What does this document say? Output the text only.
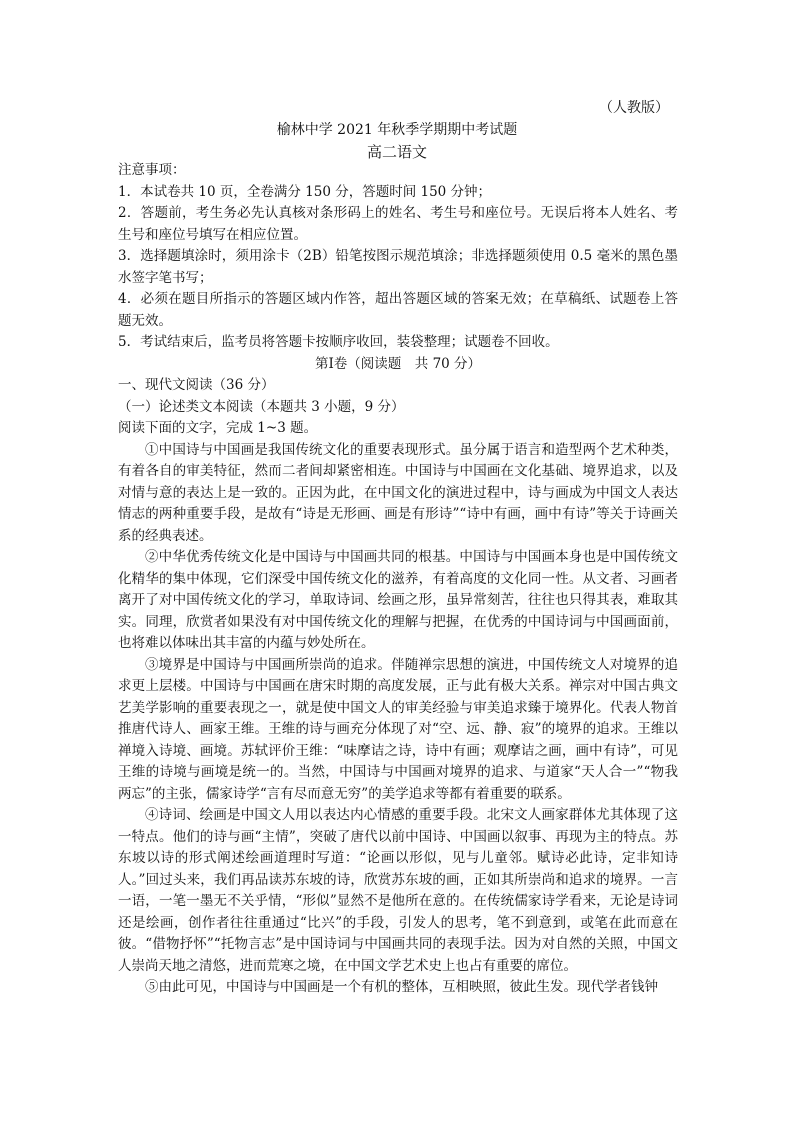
（人教版）
榆林中学 2021 年秋季学期期中考试题
高二语文

注意事项：

1．本试卷共 10 页，全卷满分 150 分，答题时间 150 分钟；

2．答题前，考生务必先认真核对条形码上的姓名、考生号和座位号。无误后将本人姓名、考生号和座位号填写在相应位置。

3．选择题填涂时，须用涂卡（2B）铅笔按图示规范填涂；非选择题须使用 0.5 毫米的黑色墨水签字笔书写；

4．必须在题目所指示的答题区域内作答，超出答题区域的答案无效；在草稿纸、试题卷上答题无效。

5．考试结束后，监考员将答题卡按顺序收回，装袋整理；试题卷不回收。

第Ⅰ卷（阅读题　共 70 分）

一、现代文阅读（36 分）

（一）论述类文本阅读（本题共 3 小题，9 分）

阅读下面的文字，完成 1~3 题。

①中国诗与中国画是我国传统文化的重要表现形式。虽分属于语言和造型两个艺术种类，有着各自的审美特征，然而二者间却紧密相连。中国诗与中国画在文化基础、境界追求，以及对情与意的表达上是一致的。正因为此，在中国文化的演进过程中，诗与画成为中国文人表达情志的两种重要手段，是故有“诗是无形画、画是有形诗”“诗中有画，画中有诗”等关于诗画关系的经典表述。

②中华优秀传统文化是中国诗与中国画共同的根基。中国诗与中国画本身也是中国传统文化精华的集中体现，它们深受中国传统文化的滋养，有着高度的文化同一性。从文者、习画者离开了对中国传统文化的学习，单取诗词、绘画之形，虽异常刻苦，往往也只得其表，难取其实。同理，欣赏者如果没有对中国传统文化的理解与把握，在优秀的中国诗词与中国画面前，也将难以体味出其丰富的内蕴与妙处所在。

③境界是中国诗与中国画所崇尚的追求。伴随禅宗思想的演进，中国传统文人对境界的追求更上层楼。中国诗与中国画在唐宋时期的高度发展，正与此有极大关系。禅宗对中国古典文艺美学影响的重要表现之一，就是使中国文人的审美经验与审美追求臻于境界化。代表人物首推唐代诗人、画家王维。王维的诗与画充分体现了对“空、远、静、寂”的境界的追求。王维以禅境入诗境、画境。苏轼评价王维：“味摩诘之诗，诗中有画；观摩诘之画，画中有诗”，可见王维的诗境与画境是统一的。当然，中国诗与中国画对境界的追求、与道家“天人合一”“物我两忘”的主张，儒家诗学“言有尽而意无穷”的美学追求等都有着重要的联系。

④诗词、绘画是中国文人用以表达内心情感的重要手段。北宋文人画家群体尤其体现了这一特点。他们的诗与画“主情”，突破了唐代以前中国诗、中国画以叙事、再现为主的特点。苏东坡以诗的形式阐述绘画道理时写道：“论画以形似，见与儿童邻。赋诗必此诗，定非知诗人。”回过头来，我们再品读苏东坡的诗，欣赏苏东坡的画，正如其所崇尚和追求的境界。一言一语，一笔一墨无不关乎情，“形似”显然不是他所在意的。在传统儒家诗学看来，无论是诗词还是绘画，创作者往往重通过“比兴”的手段，引发人的思考，笔不到意到，或笔在此而意在彼。“借物抒怀”“托物言志”是中国诗词与中国画共同的表现手法。因为对自然的关照，中国文人崇尚天地之清悠，进而荒寒之境，在中国文学艺术史上也占有重要的席位。

⑤由此可见，中国诗与中国画是一个有机的整体，互相映照，彼此生发。现代学者钱钟
